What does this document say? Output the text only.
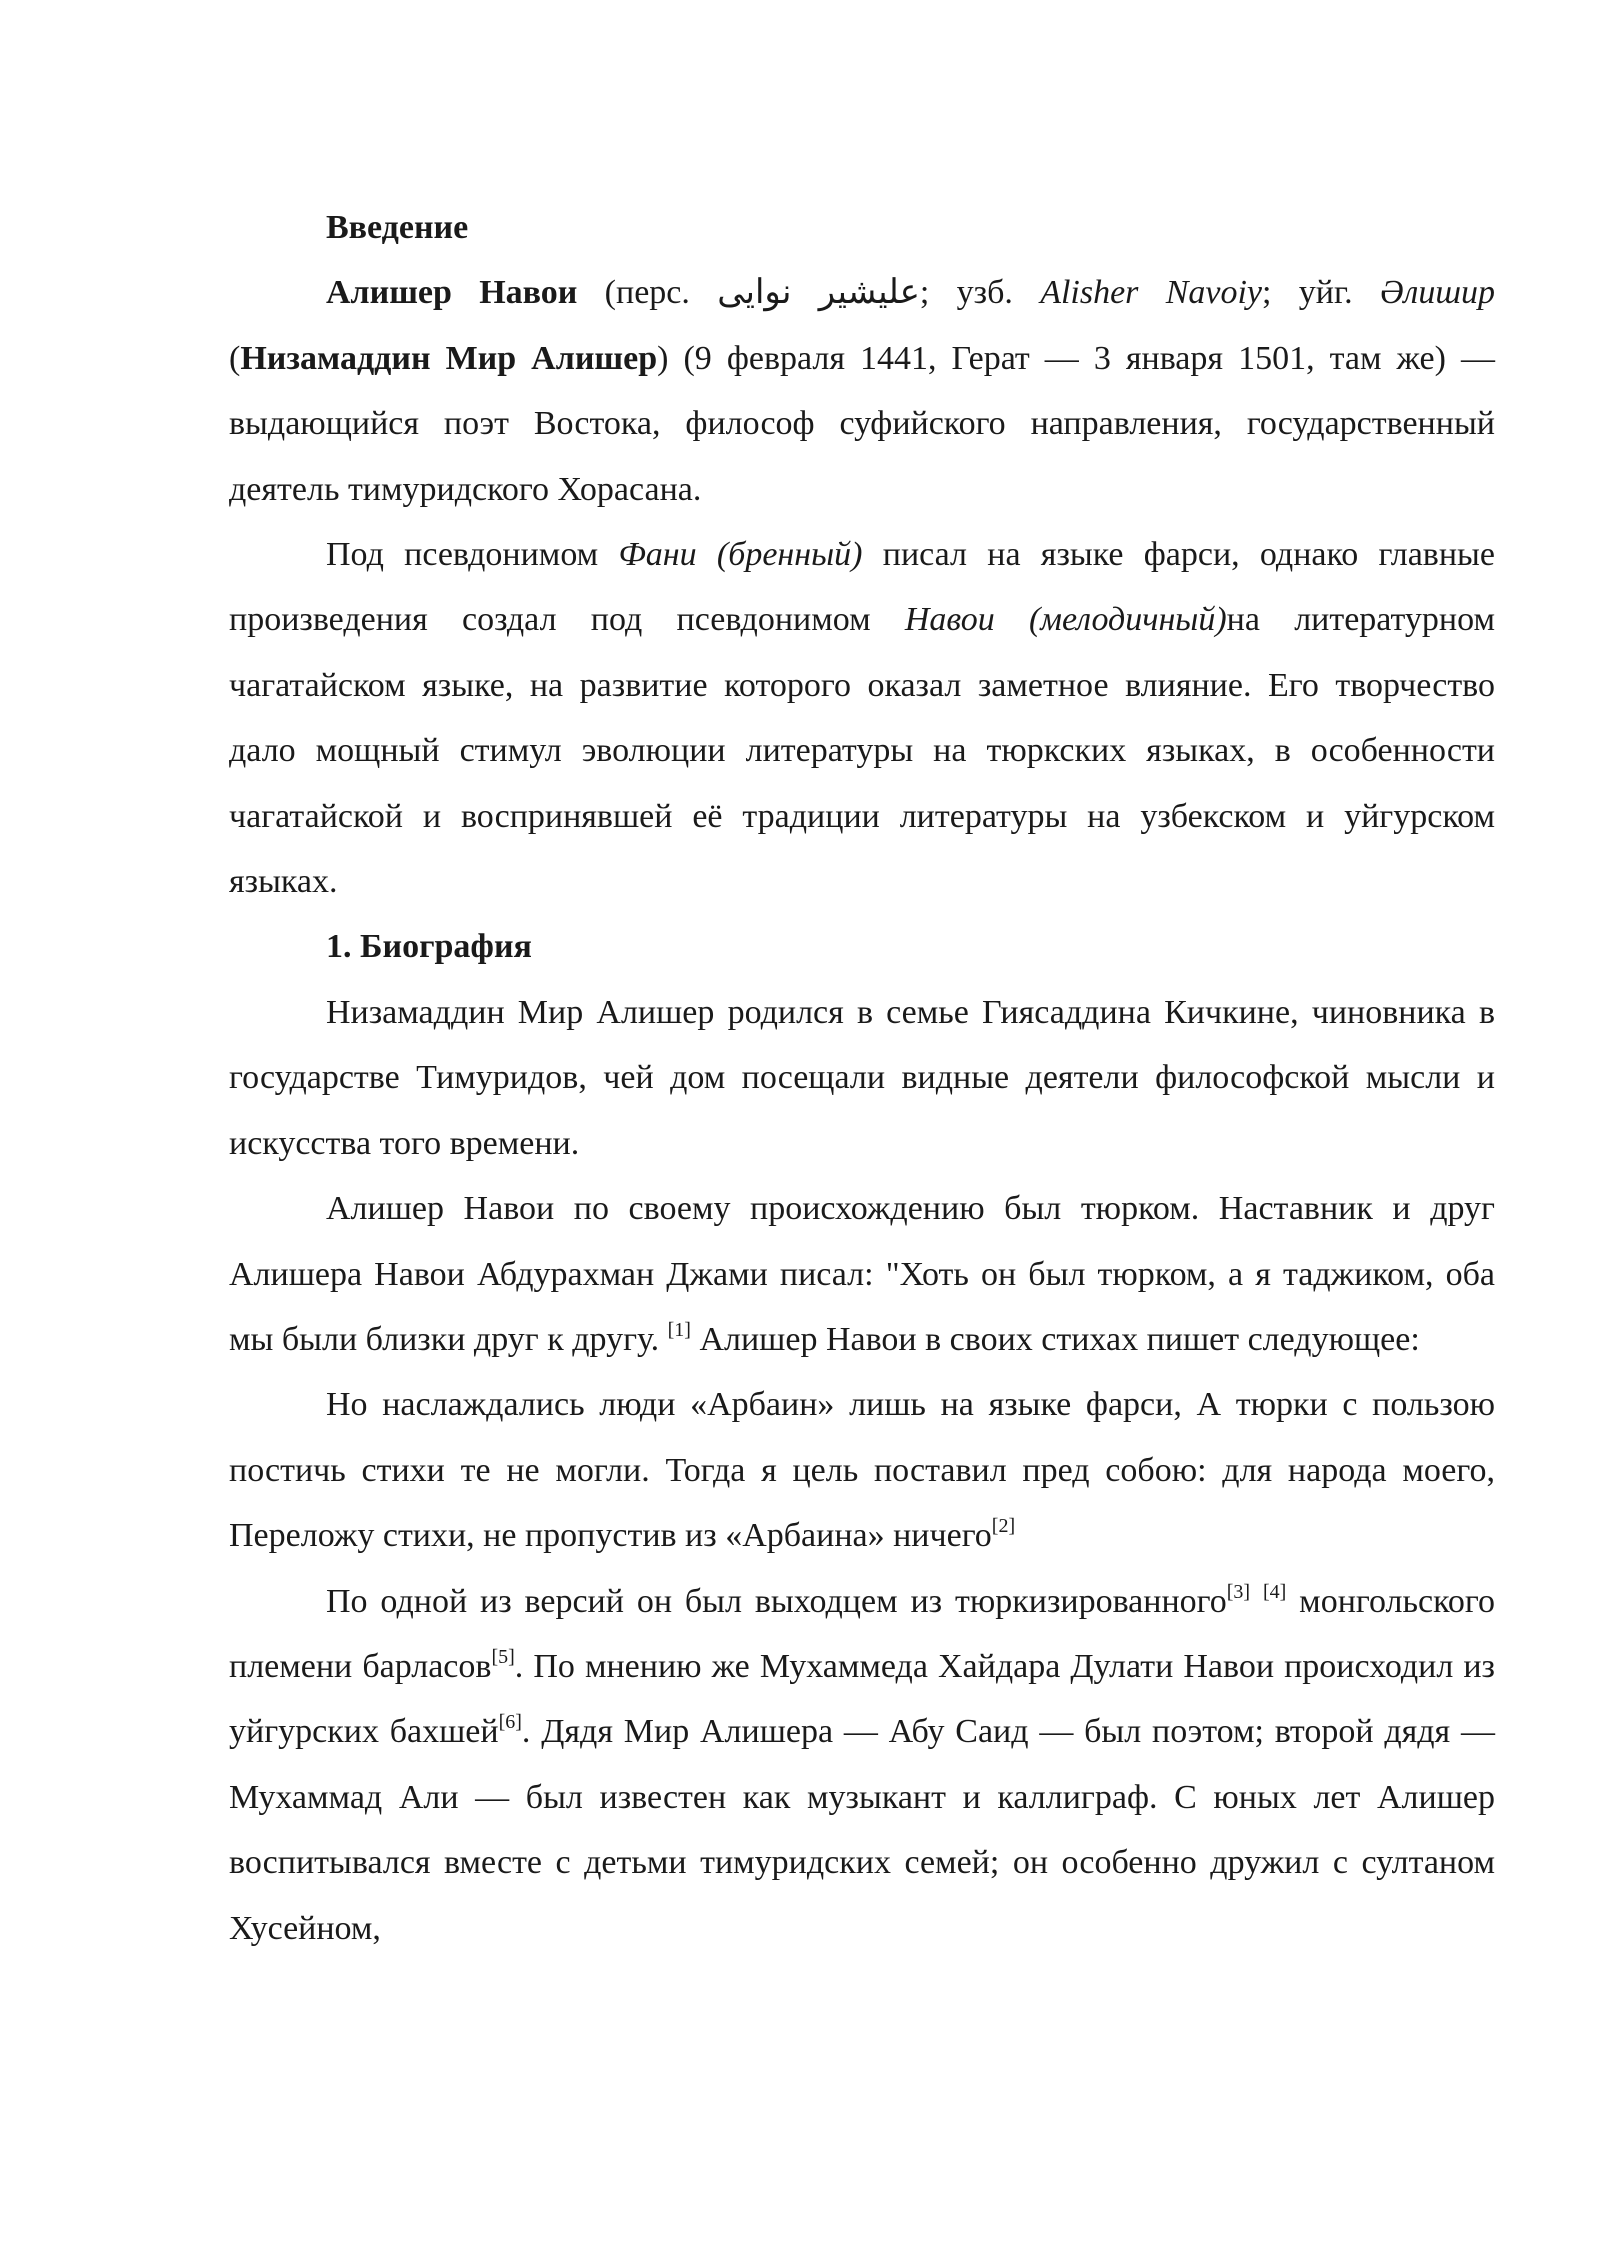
Введение

Алишер Навои (перс. علیشیر نوایی; узб. Alisher Navoiy; уйг. Әлишир (Низамаддин Мир Алишер) (9 февраля 1441, Герат — 3 января 1501, там же) — выдающийся поэт Востока, философ суфийского направления, государственный деятель тимуридского Хорасана.

Под псевдонимом Фани (бренный) писал на языке фарси, однако главные произведения создал под псевдонимом Навои (мелодичный)на литературном чагатайском языке, на развитие которого оказал заметное влияние. Его творчество дало мощный стимул эволюции литературы на тюркских языках, в особенности чагатайской и воспринявшей её традиции литературы на узбекском и уйгурском языках.

1. Биография

Низамаддин Мир Алишер родился в семье Гиясаддина Кичкине, чиновника в государстве Тимуридов, чей дом посещали видные деятели философской мысли и искусства того времени.

Алишер Навои по своему происхождению был тюрком. Наставник и друг Алишера Навои Абдурахман Джами писал: "Хоть он был тюрком, а я таджиком, оба мы были близки друг к другу. [1] Алишер Навои в своих стихах пишет следующее:

Но наслаждались люди «Арбаин» лишь на языке фарси, А тюрки с пользою постичь стихи те не могли. Тогда я цель поставил пред собою: для народа моего, Переложу стихи, не пропустив из «Арбаина» ничего[2]

По одной из версий он был выходцем из тюркизированного[3] [4] монгольского племени барласов[5]. По мнению же Мухаммеда Хайдара Дулати Навои происходил из уйгурских бахшей[6]. Дядя Мир Алишера — Абу Саид — был поэтом; второй дядя — Мухаммад Али — был известен как музыкант и каллиграф. С юных лет Алишер воспитывался вместе с детьми тимуридских семей; он особенно дружил с султаном Хусейном,
